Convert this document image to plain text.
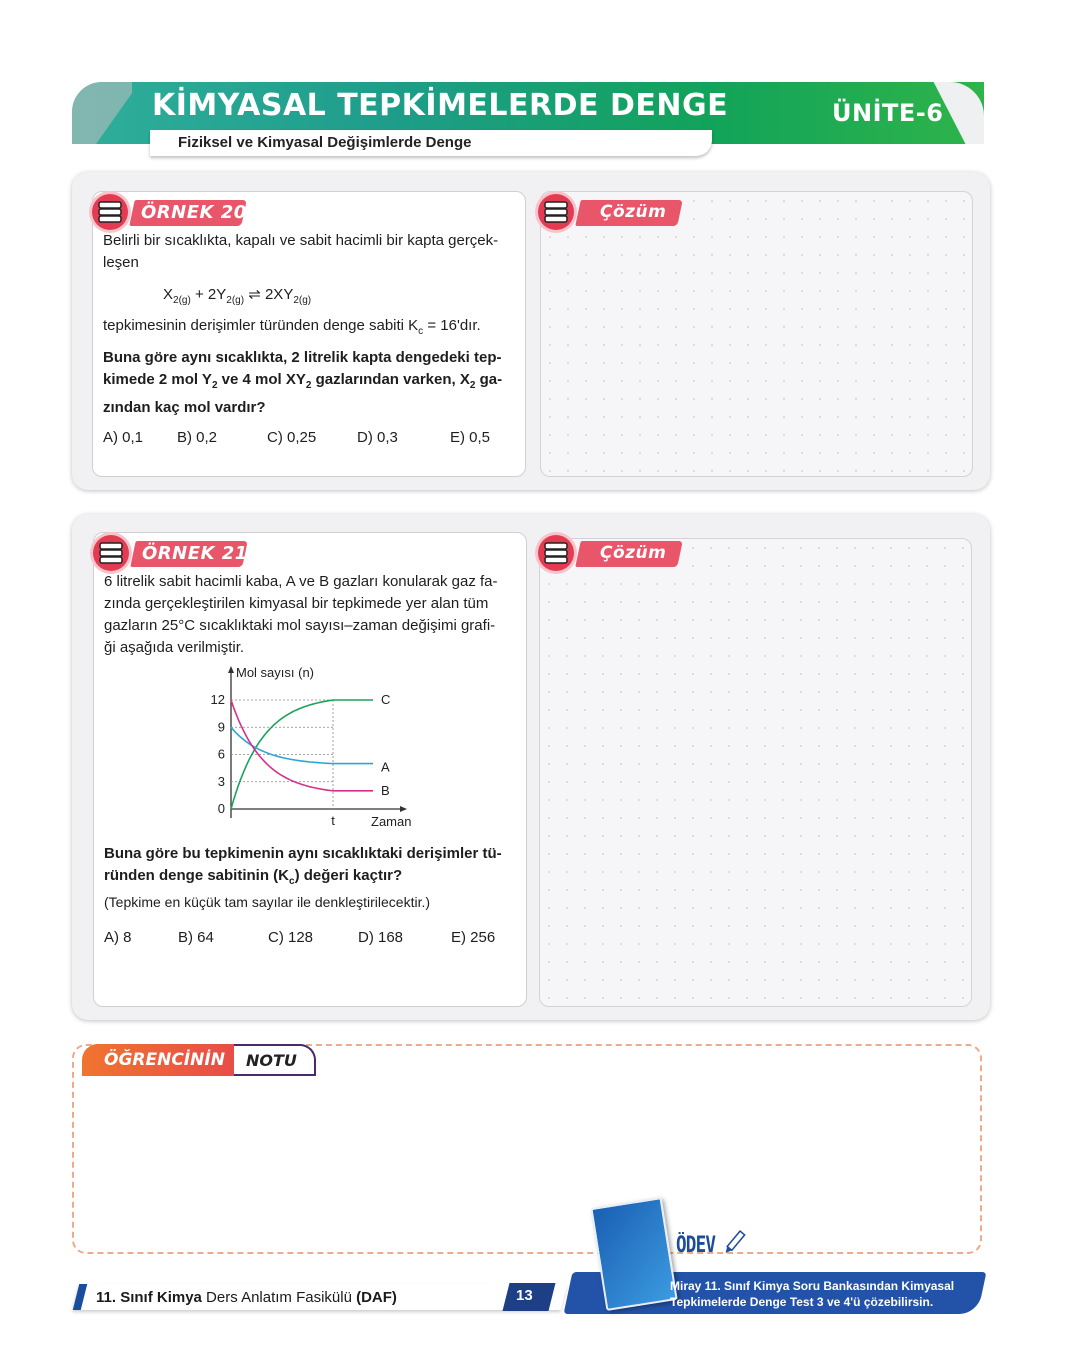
KİMYASAL TEPKİMELERDE DENGE
Fiziksel ve Kimyasal Değişimlerde Denge
ÜNİTE-6
ÖRNEK 20	Çözüm
Belirli bir sıcaklıkta, kapalı ve sabit hacimli bir kapta gerçek-
leşen
$X_{2(g)} + 2Y_{2(g)}$ ⇌ $2XY_{2(g)}$
tepkimesinin derişimler türünden denge sabiti $K_c$ = 16'dır.
Buna göre aynı sıcaklıkta, 2 litrelik kapta dengedeki tep-
kimede 2 mol $Y_2$ ve 4 mol $XY_2$ gazlarından varken, $X_2$ ga-
zından kaç mol vardır?
A) 0,1 B) 0,2	C) 0,25	D) 0,3	E) 0,5
ÖRNEK 21	Çözüm
6 litrelik sabit hacimli kaba, A ve B gazları konularak gaz fa-
zında gerçekleştirilen kimyasal bir tepkimede yer alan tüm
gazların 25°C sıcaklıktaki mol sayısı–zaman değişimi grafi-
ği aşağıda verilmiştir.
Mol sayısı (n)
Zaman
0
3
6
9
12
t
C
A
B
Buna göre bu tepkimenin aynı sıcaklıktaki derişimler tü-
ründen denge sabitinin $(K_c)$ değeri kaçtır?
(Tepkime en küçük tam sayılar ile denkleştirilecektir.)
A) 8	B) 64	C) 128	D) 168	E) 256
ÖĞRENCİNİN NOTU
11. Sınıf Kimya Ders Anlatım Fasikülü (DAF)	13
ÖDEV
Miray 11. Sınıf Kimya Soru Bankasından Kimyasal Tepkimelerde Denge Test 3 ve 4'ü çözebilirsin.
